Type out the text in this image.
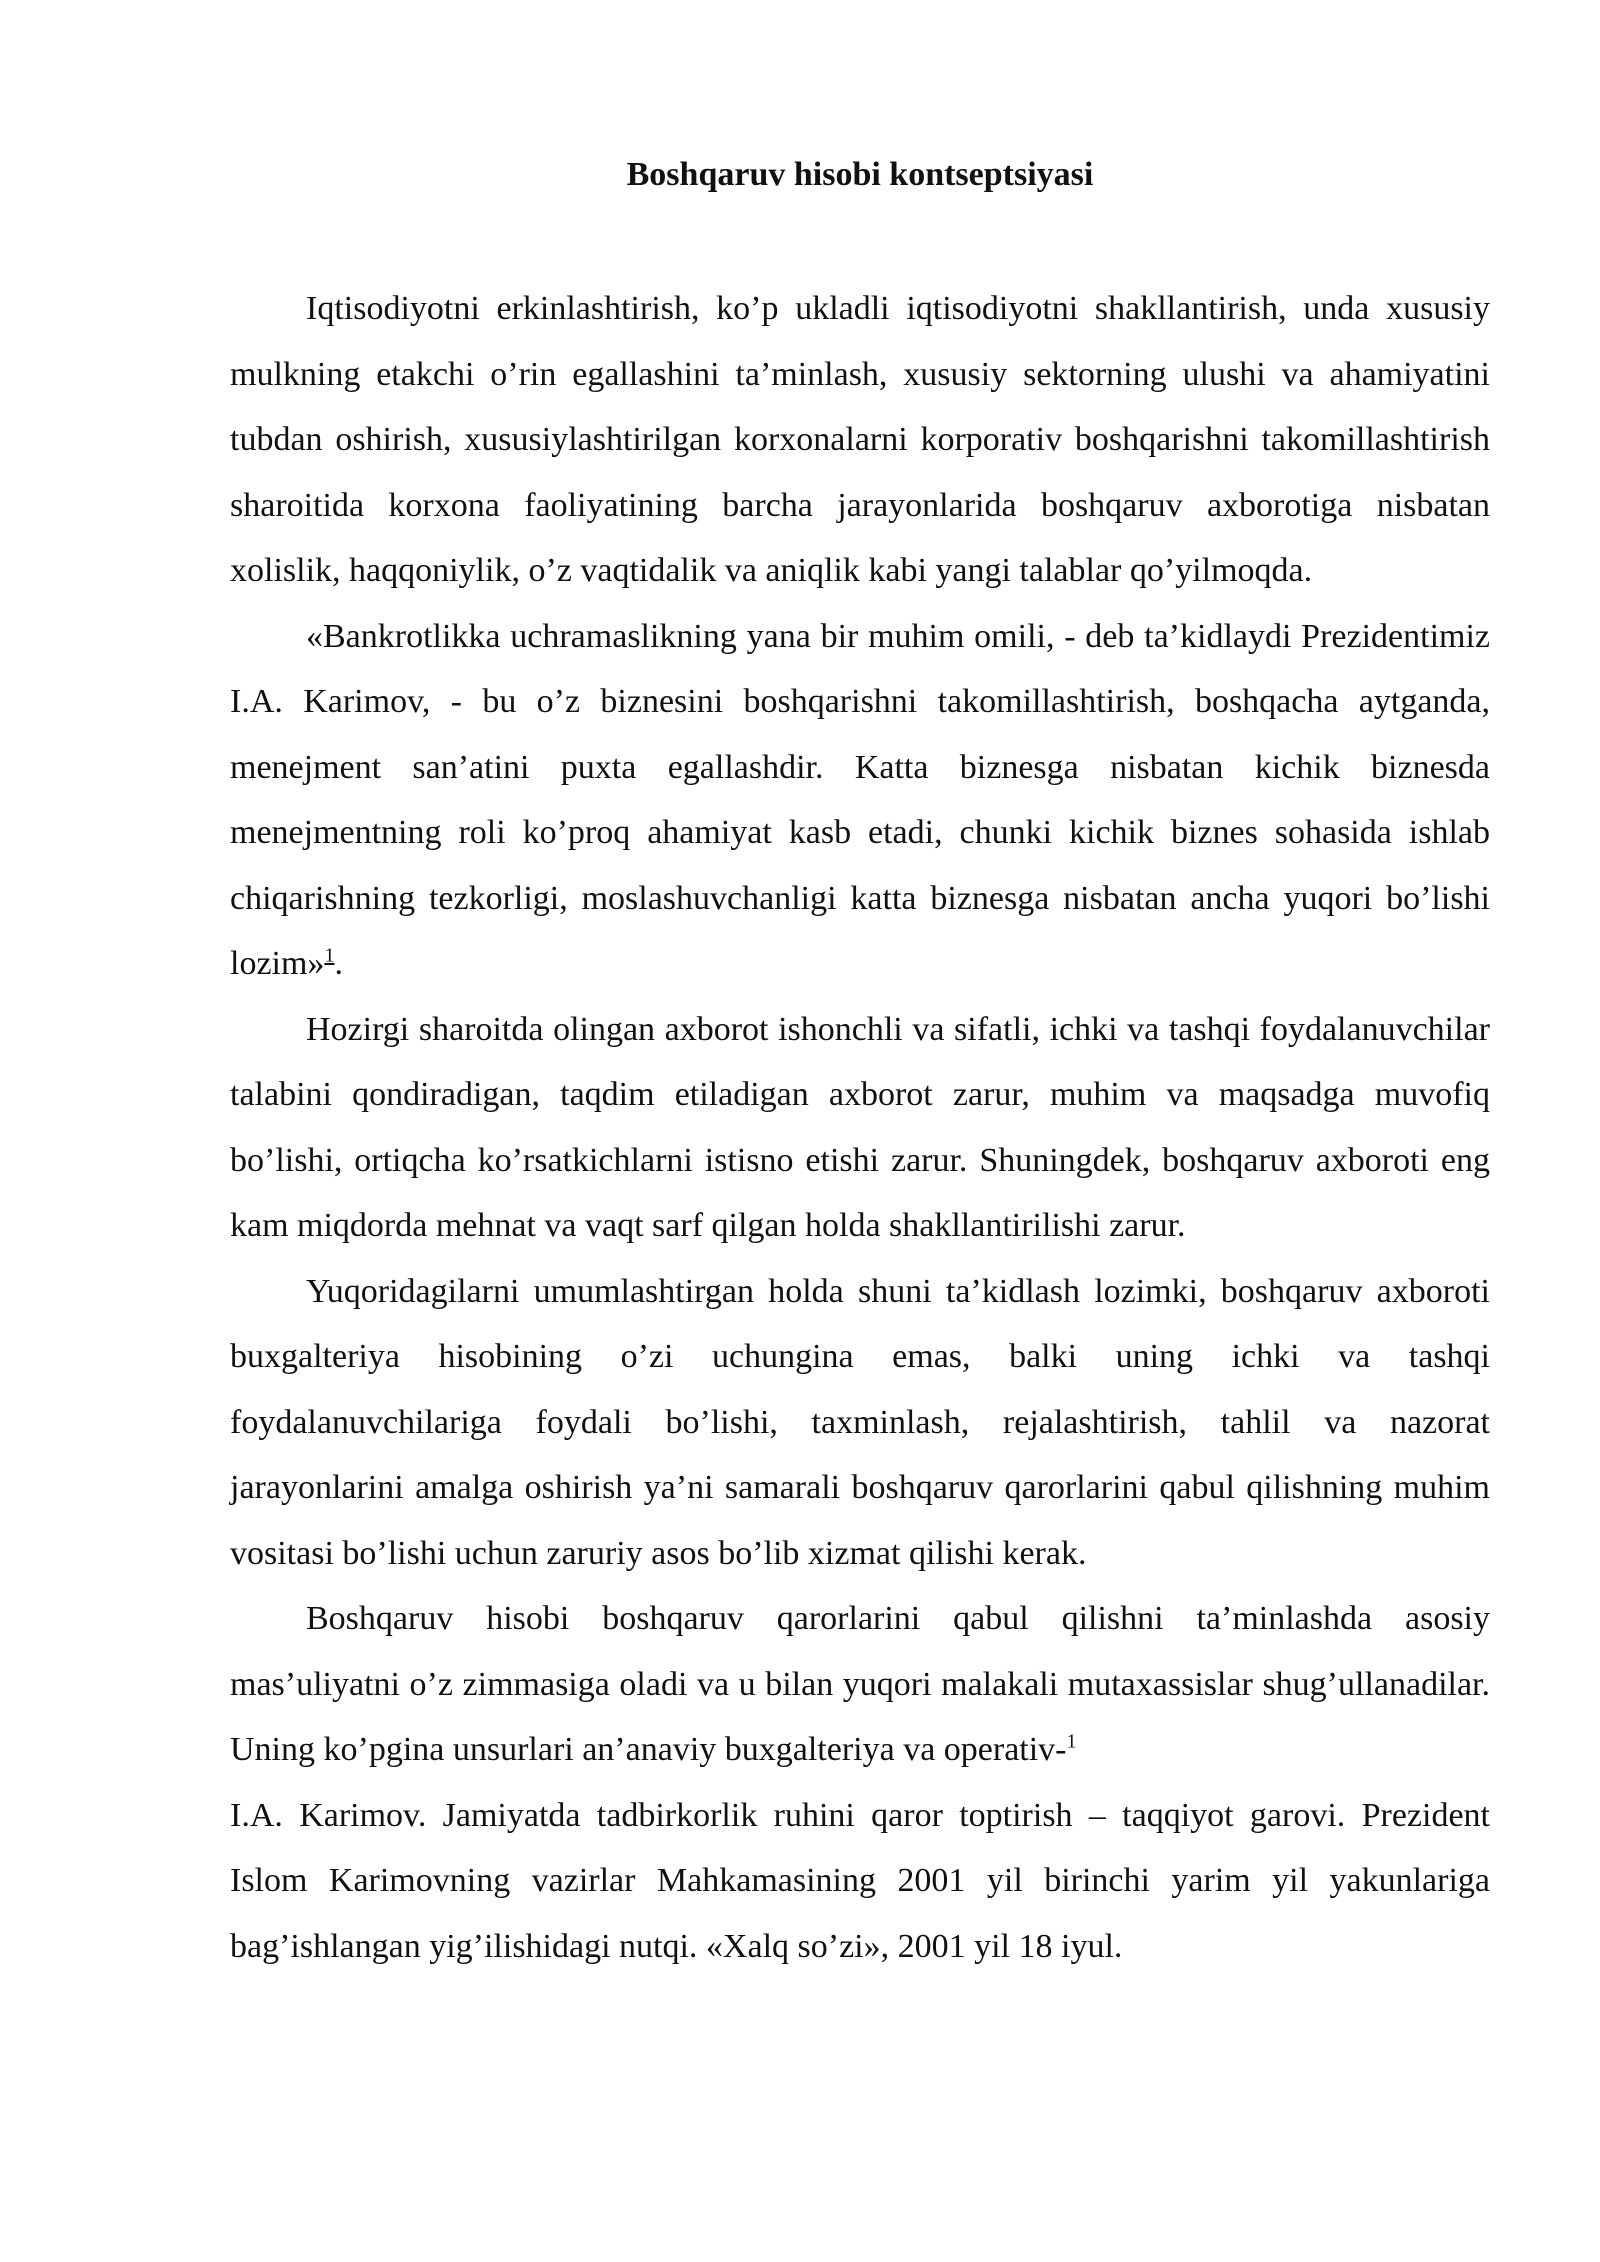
Boshqaruv hisobi kontseptsiyasi

Iqtisodiyotni erkinlashtirish, ko’p ukladli iqtisodiyotni shakllantirish, unda xususiy mulkning etakchi o’rin egallashini ta’minlash, xususiy sektorning ulushi va ahamiyatini tubdan oshirish, xususiylashtirilgan korxonalarni korporativ boshqarishni takomillashtirish sharoitida korxona faoliyatining barcha jarayonlarida boshqaruv axborotiga nisbatan xolislik, haqqoniylik, o’z vaqtidalik va aniqlik kabi yangi talablar qo’yilmoqda.

«Bankrotlikka uchramaslikning yana bir muhim omili, - deb ta’kidlaydi Prezidentimiz I.A. Karimov, - bu o’z biznesini boshqarishni takomillashtirish, boshqacha aytganda, menejment san’atini puxta egallashdir. Katta biznesga nisbatan kichik biznesda menejmentning roli ko’proq ahamiyat kasb etadi, chunki kichik biznes sohasida ishlab chiqarishning tezkorligi, moslashuvchanligi katta biznesga nisbatan ancha yuqori bo’lishi lozim»$^1$.

Hozirgi sharoitda olingan axborot ishonchli va sifatli, ichki va tashqi foydalanuvchilar talabini qondiradigan, taqdim etiladigan axborot zarur, muhim va maqsadga muvofiq bo’lishi, ortiqcha ko’rsatkichlarni istisno etishi zarur. Shuningdek, boshqaruv axboroti eng kam miqdorda mehnat va vaqt sarf qilgan holda shakllantirilishi zarur.

Yuqoridagilarni umumlashtirgan holda shuni ta’kidlash lozimki, boshqaruv axboroti buxgalteriya hisobining o’zi uchungina emas, balki uning ichki va tashqi foydalanuvchilariga foydali bo’lishi, taxminlash, rejalashtirish, tahlil va nazorat jarayonlarini amalga oshirish ya’ni samarali boshqaruv qarorlarini qabul qilishning muhim vositasi bo’lishi uchun zaruriy asos bo’lib xizmat qilishi kerak.

Boshqaruv hisobi boshqaruv qarorlarini qabul qilishni ta’minlashda asosiy mas’uliyatni o’z zimmasiga oladi va u bilan yuqori malakali mutaxassislar shug’ullanadilar. Uning ko’pgina unsurlari an’anaviy buxgalteriya va operativ-$^1$

I.A. Karimov. Jamiyatda tadbirkorlik ruhini qaror toptirish – taqqiyot garovi. Prezident Islom Karimovning vazirlar Mahkamasining 2001 yil birinchi yarim yil yakunlariga bag’ishlangan yig’ilishidagi nutqi. «Xalq so’zi», 2001 yil 18 iyul.
